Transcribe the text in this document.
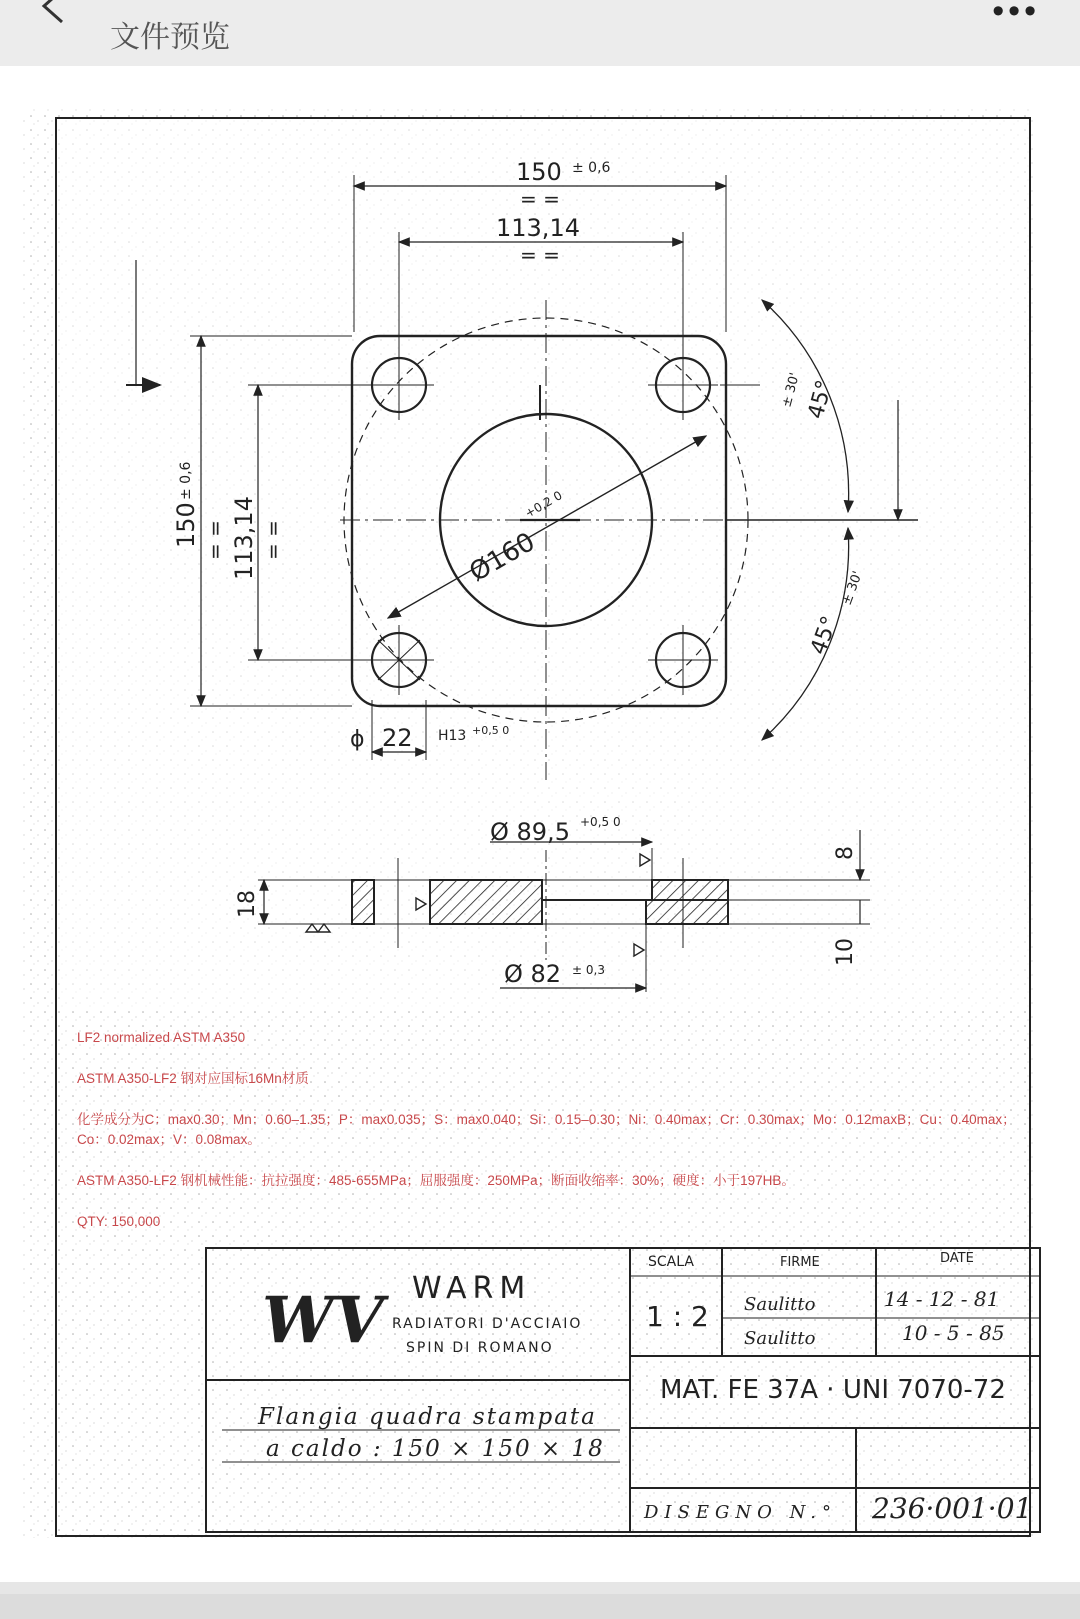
文件预览
•••
150 ± 0,6
= =
113,14
= =
150
± 0,6
= = 113,14 = =	Ø160
+0,2 0
45°
± 30'
45°
± 30'
ϕ 22 H13 +0,5 0
Ø 89,5 +0,5 0
Ø 82 ± 0,3
18
8
10
WV WARM
RADIATORI D'ACCIAIO
SPIN DI ROMANO
Flangia quadra stampata
a caldo : 150 × 150 × 18
SCALA
1 : 2
FIRME
Saulitto
Saulitto
DATE
14 - 12 - 81
10 - 5 - 85
MAT. FE 37A · UNI 7070-72
DISEGNO N.° 236·001·01

LF2 normalized ASTM A350

ASTM A350-LF2 钢对应国标16Mn材质

化学成分为C：max0.30；Mn：0.60–1.35；P：max0.035；S：max0.040；Si：0.15–0.30；Ni：0.40max；Cr：0.30max；Mo：0.12maxB；Cu：0.40max；Co：0.02max；V：0.08max。

ASTM A350-LF2 钢机械性能：抗拉强度：485-655MPa；屈服强度：250MPa；断面收缩率：30%；硬度：小于197HB。

QTY: 150,000
